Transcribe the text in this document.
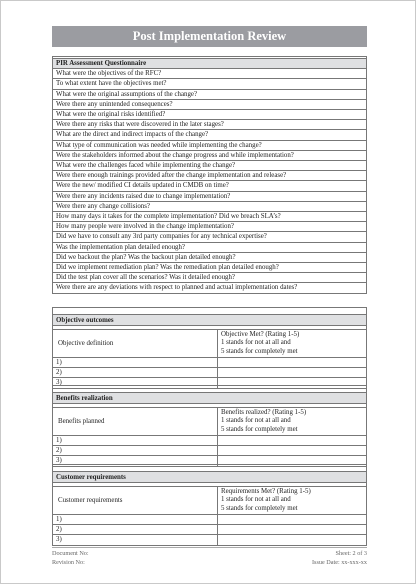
Post Implementation Review

PIR Assessment Questionnaire
What were the objectives of the RFC?
To what extent have the objectives met?
What were the original assumptions of the change?
Were there any unintended consequences?
What were the original risks identified?
Were there any risks that were discovered in the later stages?
What are the direct and indirect impacts of the change?
What type of communication was needed while implementing the change?
Were the stakeholders informed about the change progress and while implementation?
What were the challenges faced while implementing the change?
Were there enough trainings provided after the change implementation and release?
Were the new/ modified CI details updated in CMDB on time?
Were there any incidents raised due to change implementation?
Were there any change collisions?
How many days it takes for the complete implementation? Did we breach SLA’s?
How many people were involved in the change implementation?
Did we have to consult any 3rd party companies for any technical expertise?
Was the implementation plan detailed enough?
Did we backout the plan? Was the backout plan detailed enough?
Did we implement remediation plan? Was the remediation plan detailed enough?
Did the test plan cover all the scenarios? Was it detailed enough?
Were there are any deviations with respect to planned and actual implementation dates?

Objective outcomes	

Objective definition	Objective Met? (Rating 1-5)
1 stands for not at all and
5 stands for completely met

1)	
2)	
3)	

Benefits realization	

Benefits planned	Benefits realized? (Rating 1-5)
1 stands for not at all and
5 stands for completely met

1)	
2)	
3)	

Customer requirements	

Customer requirements	Requirements Met? (Rating 1-5)
1 stands for not at all and
5 stands for completely met

1)	
2)	
3)	
Document No:
Revision No:
Sheet: 2 of 3
Issue Date: xx-xxx-xx
